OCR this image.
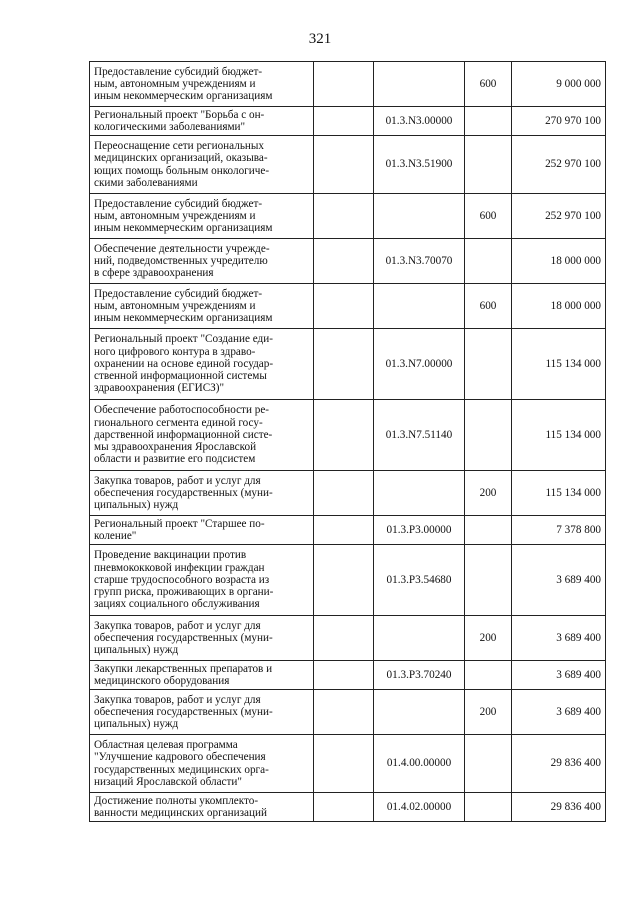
321
Предоставление субсидий бюджет-
ным, автономным учреждениям и
иным некоммерческим организациям			600	9 000 000

Региональный проект "Борьба с он-
кологическими заболеваниями"		01.3.N3.00000		270 970 100

Переоснащение сети региональных
медицинских организаций, оказыва-
ющих помощь больным онкологиче-
скими заболеваниями		01.3.N3.51900		252 970 100

Предоставление субсидий бюджет-
ным, автономным учреждениям и
иным некоммерческим организациям			600	252 970 100

Обеспечение деятельности учрежде-
ний, подведомственных учредителю
в сфере здравоохранения		01.3.N3.70070		18 000 000

Предоставление субсидий бюджет-
ным, автономным учреждениям и
иным некоммерческим организациям			600	18 000 000

Региональный проект "Создание еди-
ного цифрового контура в здраво-
охранении на основе единой госудаp-
ственной информационной системы
здравоохранения (ЕГИСЗ)"		01.3.N7.00000		115 134 000

Обеспечение работоспособности ре-
гионального сегмента единой госу-
дарственной информационной систе-
мы здравоохранения Ярославской
области и развитие его подсистем		01.3.N7.51140		115 134 000

Закупка товаров, работ и услуг для
обеспечения государственных (муни-
ципальных) нужд			200	115 134 000

Региональный проект "Старшее по-
коление"		01.3.P3.00000		7 378 800

Проведение вакцинации против
пневмококковой инфекции граждан
старше трудоспособного возраста из
групп риска, проживающих в органи-
зациях социального обслуживания		01.3.P3.54680		3 689 400

Закупка товаров, работ и услуг для
обеспечения государственных (муни-
ципальных) нужд			200	3 689 400

Закупки лекарственных препаратов и
медицинского оборудования		01.3.P3.70240		3 689 400

Закупка товаров, работ и услуг для
обеспечения государственных (муни-
ципальных) нужд			200	3 689 400

Областная целевая программа
"Улучшение кадрового обеспечения
государственных медицинских орга-
низаций Ярославской области"		01.4.00.00000		29 836 400

Достижение полноты укомплекто-
ванности медицинских организаций		01.4.02.00000		29 836 400
